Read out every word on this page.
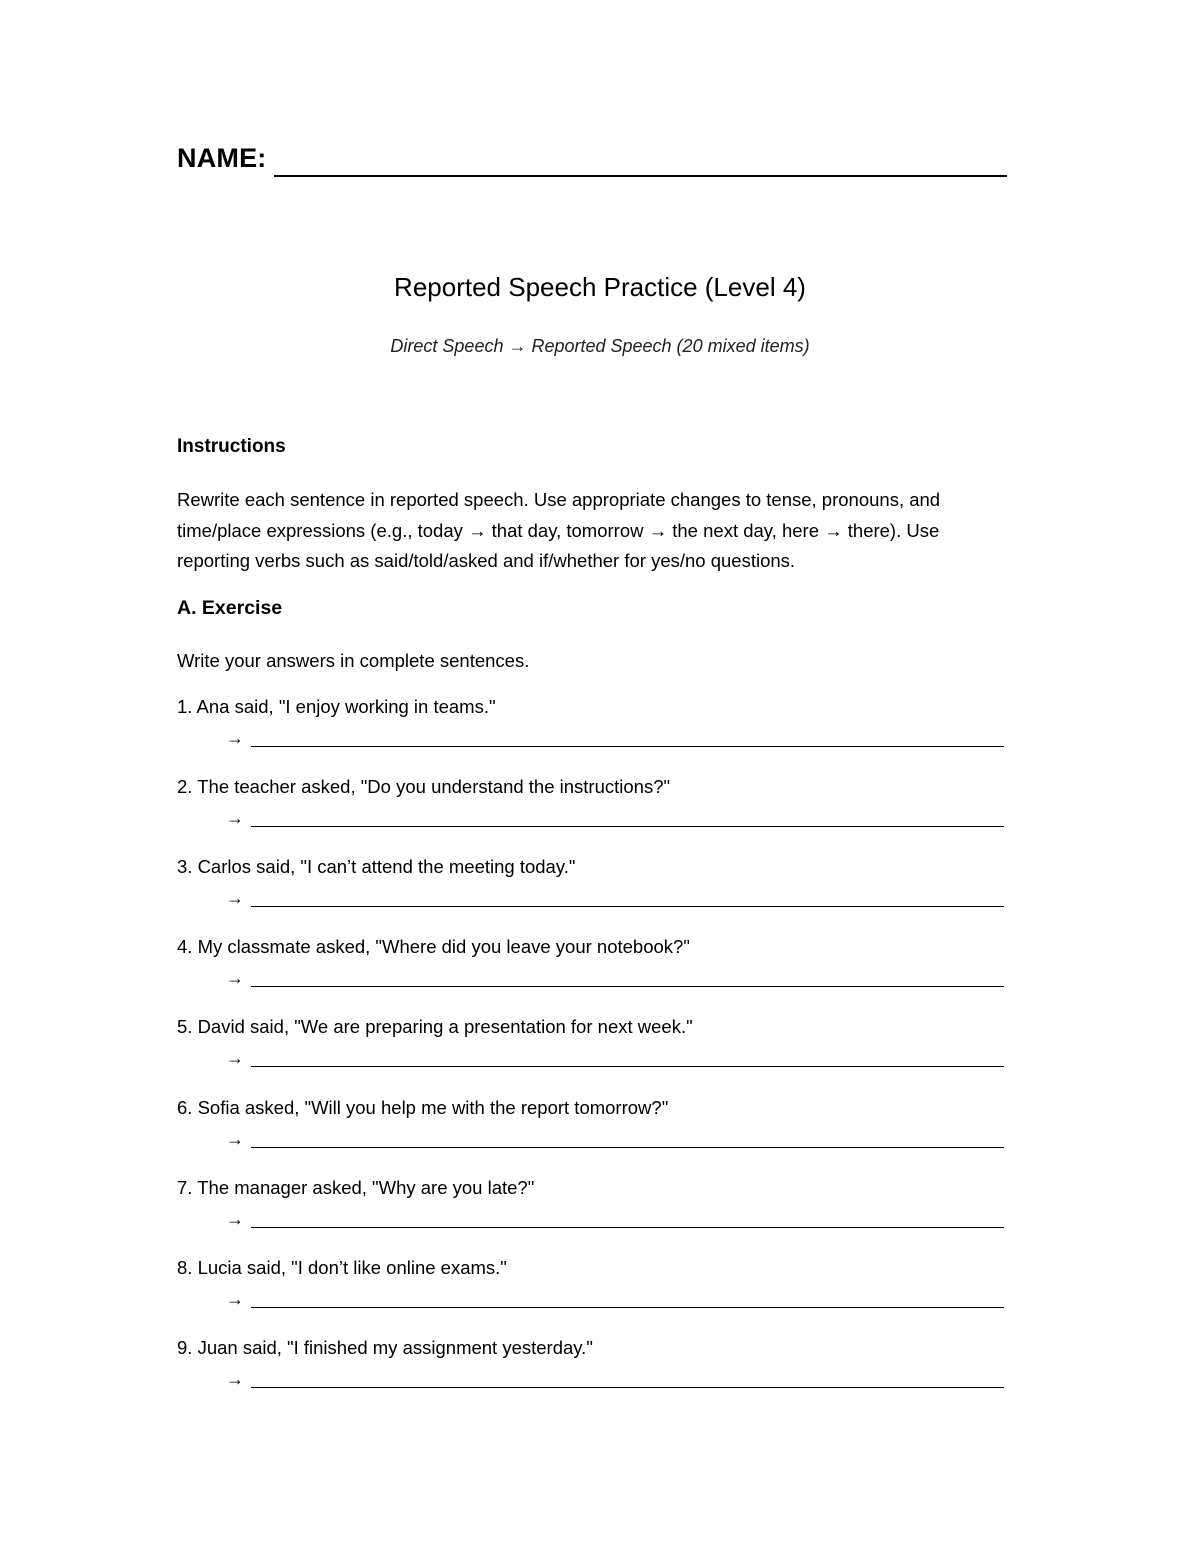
NAME:
Reported Speech Practice (Level 4)
Direct Speech → Reported Speech (20 mixed items)
Instructions
Rewrite each sentence in reported speech. Use appropriate changes to tense, pronouns, and time/place expressions (e.g., today → that day, tomorrow → the next day, here → there). Use reporting verbs such as said/told/asked and if/whether for yes/no questions.
A. Exercise
Write your answers in complete sentences.
1. Ana said, "I enjoy working in teams."
→
2. The teacher asked, "Do you understand the instructions?"
→
3. Carlos said, "I can’t attend the meeting today."
→
4. My classmate asked, "Where did you leave your notebook?"
→
5. David said, "We are preparing a presentation for next week."
→
6. Sofia asked, "Will you help me with the report tomorrow?"
→
7. The manager asked, "Why are you late?"
→
8. Lucia said, "I don’t like online exams."
→
9. Juan said, "I finished my assignment yesterday."
→
